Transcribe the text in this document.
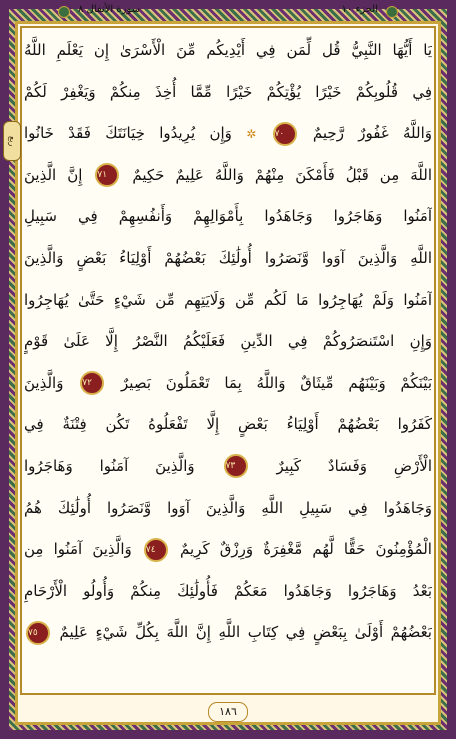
سورة الأنفال ٨	الجزء ١٠
ربع
يَا أَيُّهَا النَّبِيُّ قُل لِّمَن فِي أَيْدِيكُم مِّنَ الْأَسْرَىٰ إِن يَعْلَمِ اللَّهُ
فِي قُلُوبِكُمْ خَيْرًا يُؤْتِكُمْ خَيْرًا مِّمَّا أُخِذَ مِنكُمْ وَيَغْفِرْ لَكُمْ
وَاللَّهُ غَفُورٌ رَّحِيمٌ ٧٠ ✲ وَإِن يُرِيدُوا خِيَانَتَكَ فَقَدْ خَانُوا
اللَّهَ مِن قَبْلُ فَأَمْكَنَ مِنْهُمْ وَاللَّهُ عَلِيمٌ حَكِيمٌ ٧١ إِنَّ الَّذِينَ
آمَنُوا وَهَاجَرُوا وَجَاهَدُوا بِأَمْوَالِهِمْ وَأَنفُسِهِمْ فِي سَبِيلِ
اللَّهِ وَالَّذِينَ آوَوا وَّنَصَرُوا أُولَٰئِكَ بَعْضُهُمْ أَوْلِيَاءُ بَعْضٍ وَالَّذِينَ
آمَنُوا وَلَمْ يُهَاجِرُوا مَا لَكُم مِّن وَلَايَتِهِم مِّن شَيْءٍ حَتَّىٰ يُهَاجِرُوا
وَإِنِ اسْتَنصَرُوكُمْ فِي الدِّينِ فَعَلَيْكُمُ النَّصْرُ إِلَّا عَلَىٰ قَوْمٍ
بَيْنَكُمْ وَبَيْنَهُم مِّيثَاقٌ وَاللَّهُ بِمَا تَعْمَلُونَ بَصِيرٌ ٧٢ وَالَّذِينَ
كَفَرُوا بَعْضُهُمْ أَوْلِيَاءُ بَعْضٍ إِلَّا تَفْعَلُوهُ تَكُن فِتْنَةٌ فِي
الْأَرْضِ وَفَسَادٌ كَبِيرٌ ٧٣ وَالَّذِينَ آمَنُوا وَهَاجَرُوا
وَجَاهَدُوا فِي سَبِيلِ اللَّهِ وَالَّذِينَ آوَوا وَّنَصَرُوا أُولَٰئِكَ هُمُ
الْمُؤْمِنُونَ حَقًّا لَّهُم مَّغْفِرَةٌ وَرِزْقٌ كَرِيمٌ ٧٤ وَالَّذِينَ آمَنُوا مِن
بَعْدُ وَهَاجَرُوا وَجَاهَدُوا مَعَكُمْ فَأُولَٰئِكَ مِنكُمْ وَأُولُو الْأَرْحَامِ
بَعْضُهُمْ أَوْلَىٰ بِبَعْضٍ فِي كِتَابِ اللَّهِ إِنَّ اللَّهَ بِكُلِّ شَيْءٍ عَلِيمٌ ٧٥
١٨٦
